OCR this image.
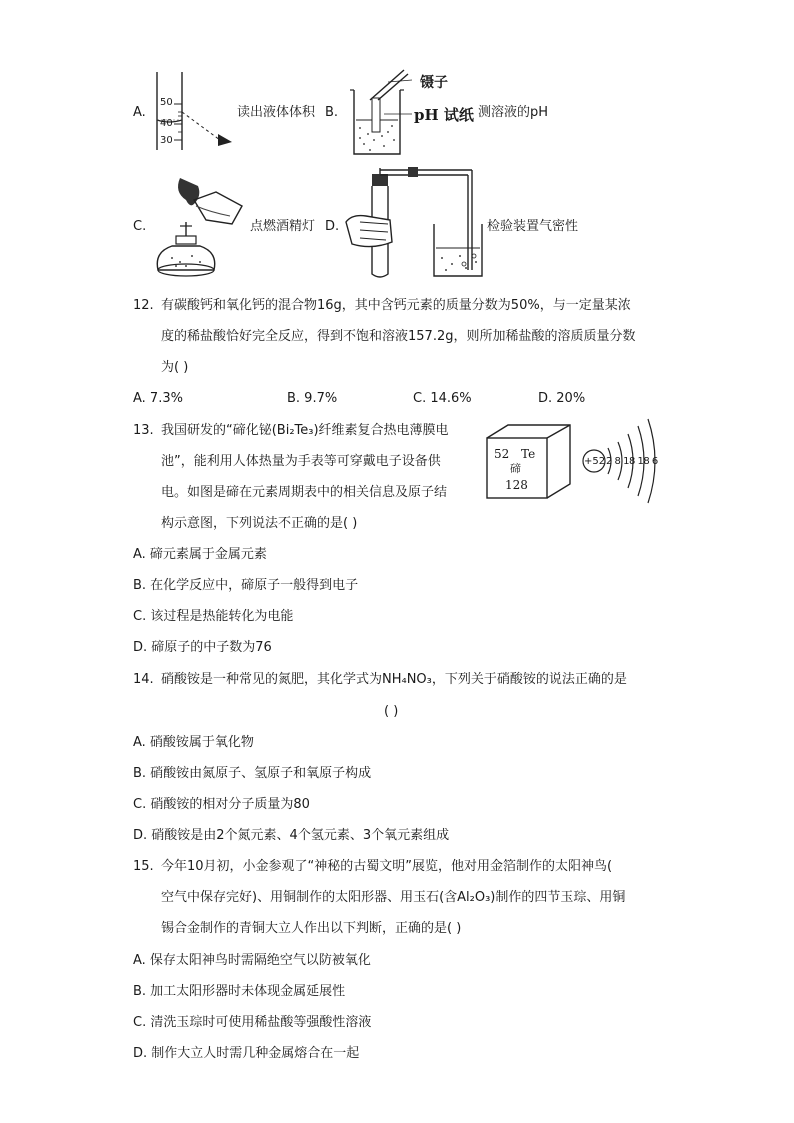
A.
50
40
30
读出液体体积 B.
镊子
pH 试纸 测溶液的pH
C.	点燃酒精灯 D.	检验装置气密性
12. 有碳酸钙和氧化钙的混合物16g，其中含钙元素的质量分数为50%，与一定量某浓
度的稀盐酸恰好完全反应，得到不饱和溶液157.2g，则所加稀盐酸的溶质质量分数
为( )
A. 7.3%	B. 9.7%	C. 14.6%	D. 20%
13. 我国研发的“碲化铋(Bi₂Te₃)纤维素复合热电薄膜电
池”，能利用人体热量为手表等可穿戴电子设备供
电。如图是碲在元素周期表中的相关信息及原子结
构示意图，下列说法不正确的是( )
52 Te
碲
128
+52 2 8 18 18 6
A. 碲元素属于金属元素
B. 在化学反应中，碲原子一般得到电子
C. 该过程是热能转化为电能
D. 碲原子的中子数为76
14. 硝酸铵是一种常见的氮肥，其化学式为NH₄NO₃，下列关于硝酸铵的说法正确的是
( )
A. 硝酸铵属于氧化物
B. 硝酸铵由氮原子、氢原子和氧原子构成
C. 硝酸铵的相对分子质量为80
D. 硝酸铵是由2个氮元素、4个氢元素、3个氧元素组成
15. 今年10月初，小金参观了“神秘的古蜀文明”展览，他对用金箔制作的太阳神鸟(
空气中保存完好)、用铜制作的太阳形器、用玉石(含Al₂O₃)制作的四节玉琮、用铜
锡合金制作的青铜大立人作出以下判断，正确的是( )
A. 保存太阳神鸟时需隔绝空气以防被氧化
B. 加工太阳形器时未体现金属延展性
C. 清洗玉琮时可使用稀盐酸等强酸性溶液
D. 制作大立人时需几种金属熔合在一起
